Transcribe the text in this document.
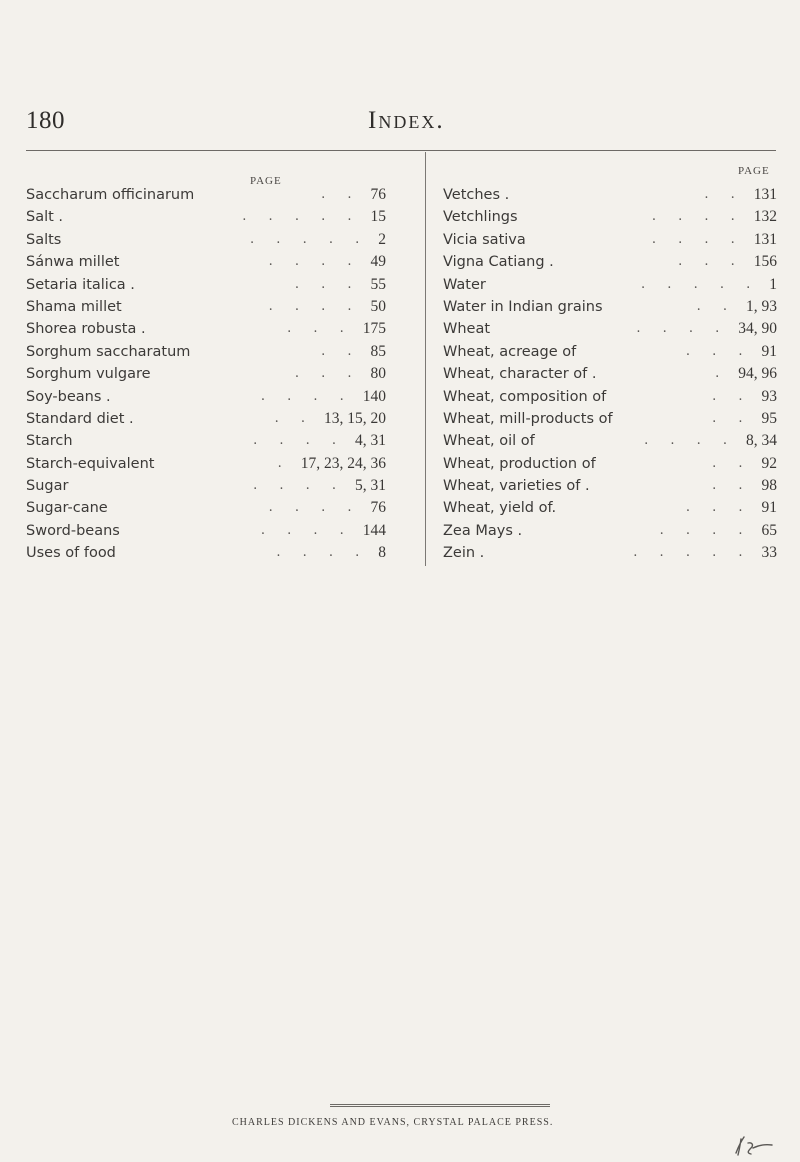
180	Index.
PAGE
PAGE
Saccharum officinarum	. . 76
Salt .	. . . . . 15
Salts	. . . . . 2
Sánwa millet	. . . . 49
Setaria italica .	. . . 55
Shama millet	. . . . 50
Shorea robusta .	. . . 175
Sorghum saccharatum	. . 85
Sorghum vulgare	. . . 80
Soy-beans .	. . . . 140
Standard diet .	. . 13, 15, 20
Starch	. . . . 4, 31
Starch-equivalent	. 17, 23, 24, 36
Sugar	. . . . 5, 31
Sugar-cane	. . . . 76
Sword-beans	. . . . 144
Uses of food	. . . . 8
Vetches .	. . 131
Vetchlings	. . . . 132
Vicia sativa	. . . . 131
Vigna Catiang .	. . . 156
Water	. . . . . 1
Water in Indian grains	. . 1, 93
Wheat	. . . . 34, 90
Wheat, acreage of	. . . 91
Wheat, character of .	. 94, 96
Wheat, composition of	. . 93
Wheat, mill-products of	. . 95
Wheat, oil of	. . . . 8, 34
Wheat, production of	. . 92
Wheat, varieties of .	. . 98
Wheat, yield of.	. . . 91
Zea Mays .	. . . . 65
Zein .	. . . . . 33
CHARLES DICKENS AND EVANS, CRYSTAL PALACE PRESS.
